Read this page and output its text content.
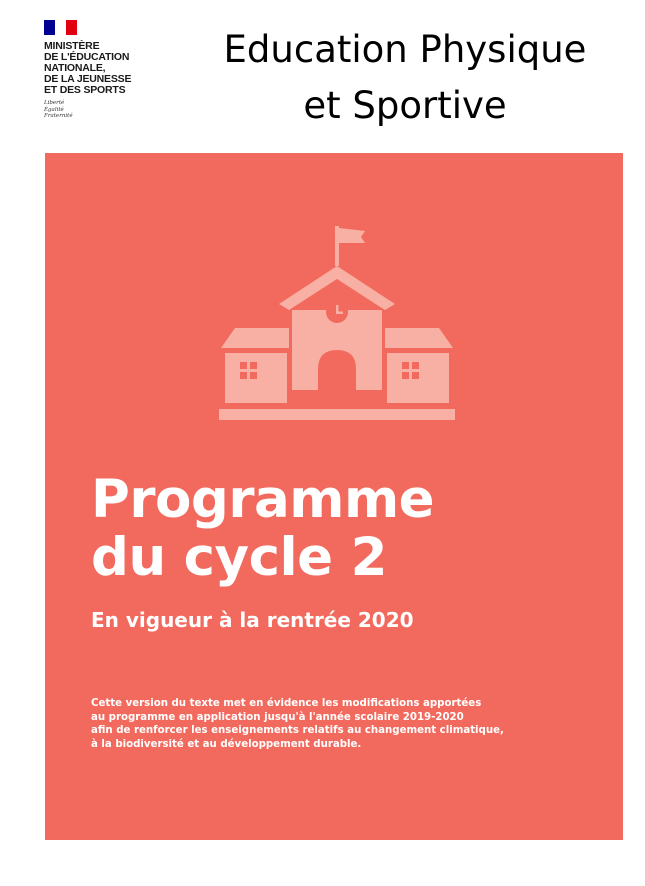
MINISTÈRE
DE L'ÉDUCATION
NATIONALE,
DE LA JEUNESSE
ET DES SPORTS
Liberté
Égalité
Fraternité
Education Physique
et Sportive
Programme
du cycle 2
En vigueur à la rentrée 2020
Cette version du texte met en évidence les modifications apportées
au programme en application jusqu'à l'année scolaire 2019-2020
afin de renforcer les enseignements relatifs au changement climatique,
à la biodiversité et au développement durable.
